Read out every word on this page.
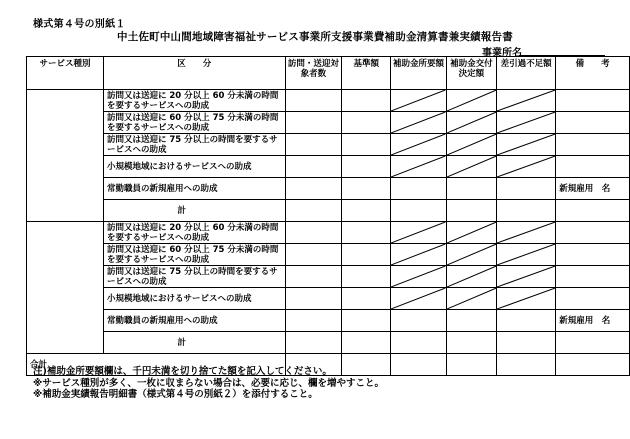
様式第４号の別紙１
中土佐町中山間地域障害福祉サービス事業所支援事業費補助金清算書兼実績報告書
事業所名
サービス種別	区　　分	訪問・送迎対象者数	基準額	補助金所要額	補助金交付決定額	差引過不足額	備　　考
	訪問又は送迎に 20 分以上 60 分未満の時間を要するサービスへの助成			

	訪問又は送迎に 60 分以上 75 分未満の時間を要するサービスへの助成			

	訪問又は送迎に 75 分以上の時間を要するサービスへの助成			

	小規模地域におけるサービスへの助成			

	常勤職員の新規雇用への助成						新規雇用　名
	計						
	訪問又は送迎に 20 分以上 60 分未満の時間を要するサービスへの助成			

	訪問又は送迎に 60 分以上 75 分未満の時間を要するサービスへの助成			

	訪問又は送迎に 75 分以上の時間を要するサービスへの助成			

	小規模地域におけるサービスへの助成			

	常勤職員の新規雇用への助成						新規雇用　名
	計						
合計							
注)補助金所要額欄は、千円未満を切り捨てた額を記入してください。
※サービス種別が多く、一枚に収まらない場合は、必要に応じ、欄を増やすこと。
※補助金実績報告明細書（様式第４号の別紙２）を添付すること。
